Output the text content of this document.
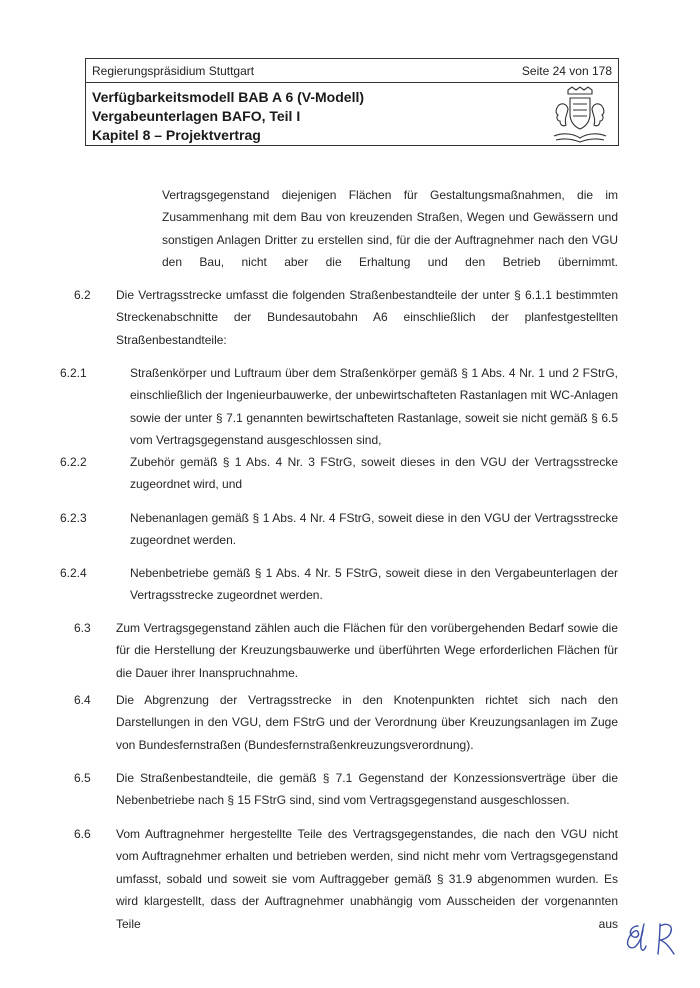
Regierungspräsidium Stuttgart	Seite 24 von 178
Verfügbarkeitsmodell BAB A 6 (V-Modell)
Vergabeunterlagen BAFO, Teil I
Kapitel 8 – Projektvertrag
Vertragsgegenstand diejenigen Flächen für Gestaltungsmaßnahmen, die im Zusammenhang mit dem Bau von kreuzenden Straßen, Wegen und Gewässern und sonstigen Anlagen Dritter zu erstellen sind, für die der Auftragnehmer nach den VGU den Bau, nicht aber die Erhaltung und den Betrieb übernimmt.
6.2 Die Vertragsstrecke umfasst die folgenden Straßenbestandteile der unter § 6.1.1 bestimmten Streckenabschnitte der Bundesautobahn A6 einschließlich der planfestgestellten Straßenbestandteile:
6.2.1	Straßenkörper und Luftraum über dem Straßenkörper gemäß § 1 Abs. 4 Nr. 1 und 2 FStrG, einschließlich der Ingenieurbauwerke, der unbewirtschafteten Rastanlagen mit WC-Anlagen sowie der unter § 7.1 genannten bewirtschafteten Rastanlage, soweit sie nicht gemäß § 6.5 vom Vertragsgegenstand ausgeschlossen sind,
6.2.2	Zubehör gemäß § 1 Abs. 4 Nr. 3 FStrG, soweit dieses in den VGU der Vertragsstrecke zugeordnet wird, und
6.2.3	Nebenanlagen gemäß § 1 Abs. 4 Nr. 4 FStrG, soweit diese in den VGU der Vertragsstrecke zugeordnet werden.
6.2.4	Nebenbetriebe gemäß § 1 Abs. 4 Nr. 5 FStrG, soweit diese in den Vergabeunterlagen der Vertragsstrecke zugeordnet werden.
6.3 Zum Vertragsgegenstand zählen auch die Flächen für den vorübergehenden Bedarf sowie die für die Herstellung der Kreuzungsbauwerke und überführten Wege erforderlichen Flächen für die Dauer ihrer Inanspruchnahme.
6.4 Die Abgrenzung der Vertragsstrecke in den Knotenpunkten richtet sich nach den Darstellungen in den VGU, dem FStrG und der Verordnung über Kreuzungsanlagen im Zuge von Bundesfernstraßen (Bundesfernstraßenkreuzungsverordnung).
6.5 Die Straßenbestandteile, die gemäß § 7.1 Gegenstand der Konzessionsverträge über die Nebenbetriebe nach § 15 FStrG sind, sind vom Vertragsgegenstand ausgeschlossen.
6.6 Vom Auftragnehmer hergestellte Teile des Vertragsgegenstandes, die nach den VGU nicht vom Auftragnehmer erhalten und betrieben werden, sind nicht mehr vom Vertragsgegenstand umfasst, sobald und soweit sie vom Auftraggeber gemäß § 31.9 abgenommen wurden. Es wird klargestellt, dass der Auftragnehmer unabhängig vom Ausscheiden der vorgenannten Teile aus
